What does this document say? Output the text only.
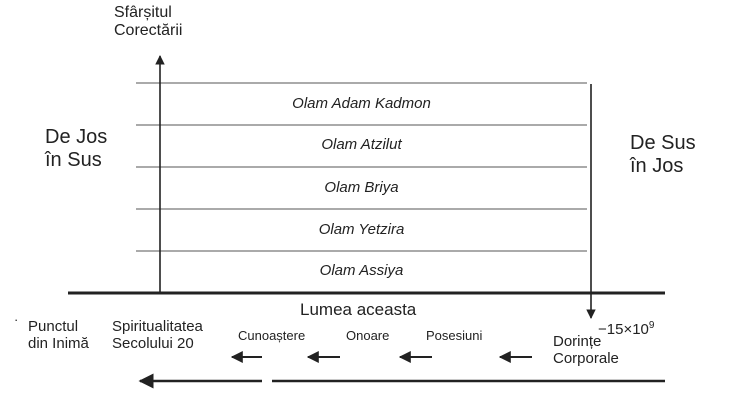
Sfârșitul
Corectării
De Jos
în Sus
De Sus
în Jos
Olam Adam Kadmon
Olam Atzilut
Olam Briya
Olam Yetzira
Olam Assiya
Lumea aceasta

$-15\times 10^9$

· Punctul
din Inimă
Spiritualitatea
Secolului 20	Cunoaștere	Onoare	Posesiuni	Dorințe
Corporale
